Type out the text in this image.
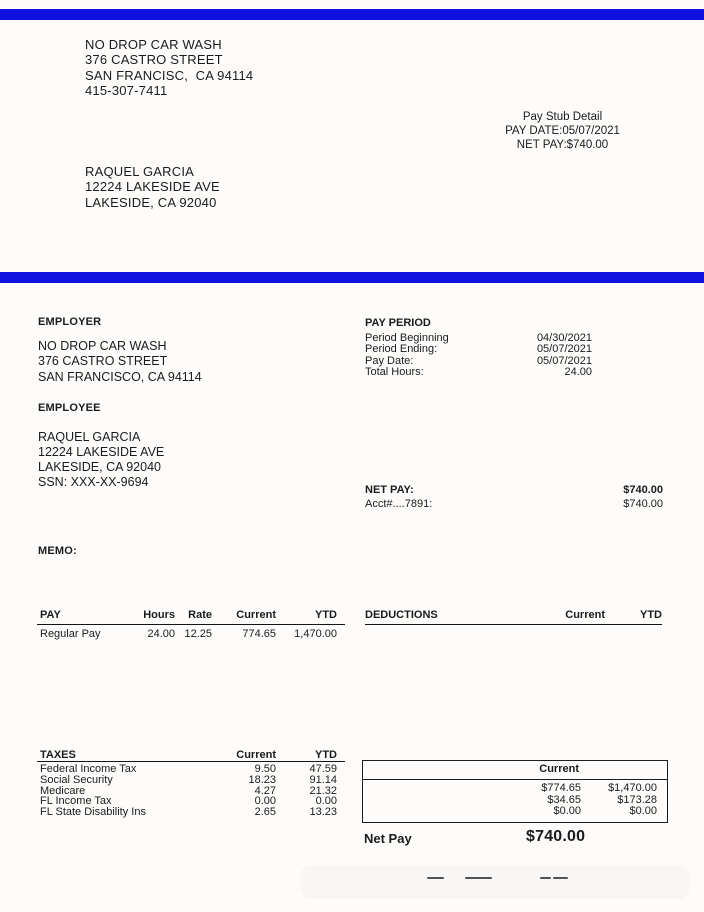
NO DROP CAR WASH
376 CASTRO STREET
SAN FRANCISC,  CA 94114
415-307-7411
Pay Stub Detail
PAY DATE:05/07/2021
NET PAY:$740.00
RAQUEL GARCIA
12224 LAKESIDE AVE
LAKESIDE, CA 92040
EMPLOYER
NO DROP CAR WASH
376 CASTRO STREET
SAN FRANCISCO, CA 94114
PAY PERIOD
Period Beginning	04/30/2021
Period Ending:	05/07/2021
Pay Date:	05/07/2021
Total Hours:	24.00
EMPLOYEE
RAQUEL GARCIA
12224 LAKESIDE AVE
LAKESIDE, CA 92040
SSN: XXX-XX-9694
NET PAY:	$740.00
Acct#....7891:	$740.00
MEMO:
PAY	Hours	Rate	Current	YTD
Regular Pay	24.00 12.25	774.65	1,470.00
DEDUCTIONS	Current	YTD
TAXES	Current	YTD
Federal Income Tax	9.50	47.59
Social Security	18.23	91.14
Medicare	4.27	21.32
FL Income Tax	0.00	0.00
FL State Disability Ins	2.65	13.23
Current
$774.65	$1,470.00
$34.65	$173.28
$0.00	$0.00
Net Pay	$740.00
